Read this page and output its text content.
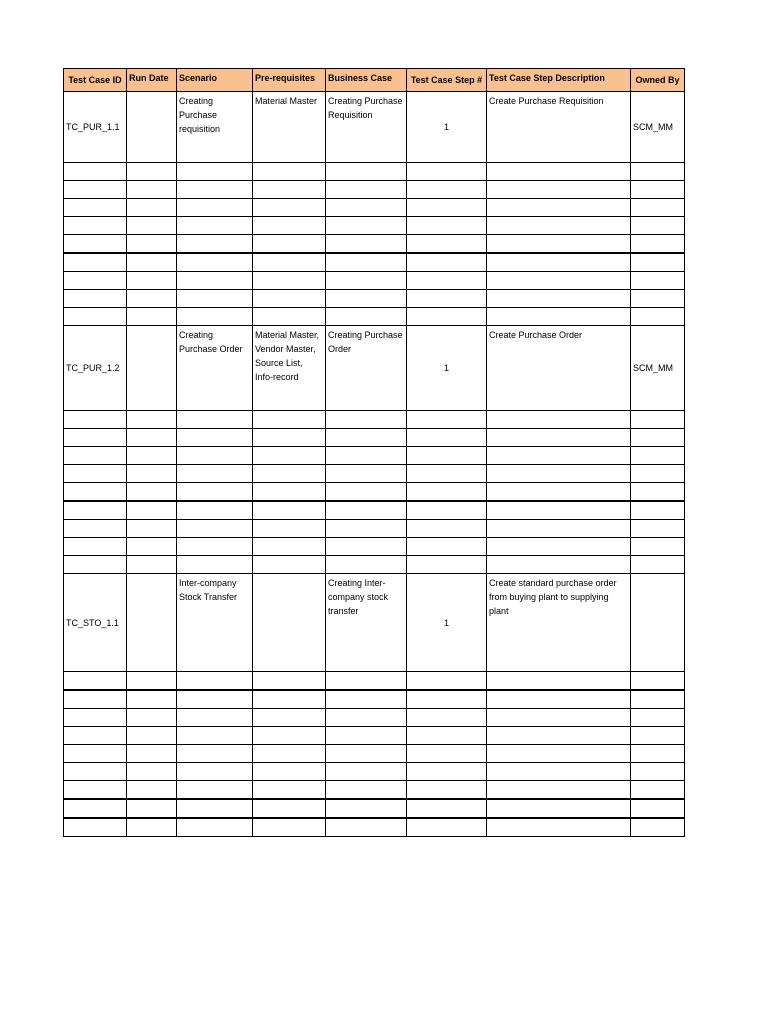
Test Case ID	Run Date	Scenario	Pre-requisites	Business Case	Test Case Step #	Test Case Step Description	Owned By
TC_PUR_1.1		Creating Purchase requisition	Material Master	Creating Purchase Requisition	1	Create Purchase Requisition	SCM_MM

TC_PUR_1.2		Creating Purchase Order	Material Master, Vendor Master, Source List, Info-record	Creating Purchase Order	1	Create Purchase Order	SCM_MM

TC_STO_1.1		Inter-company Stock Transfer		Creating Inter-company stock transfer	1	Create standard purchase order from buying plant to supplying plant	
